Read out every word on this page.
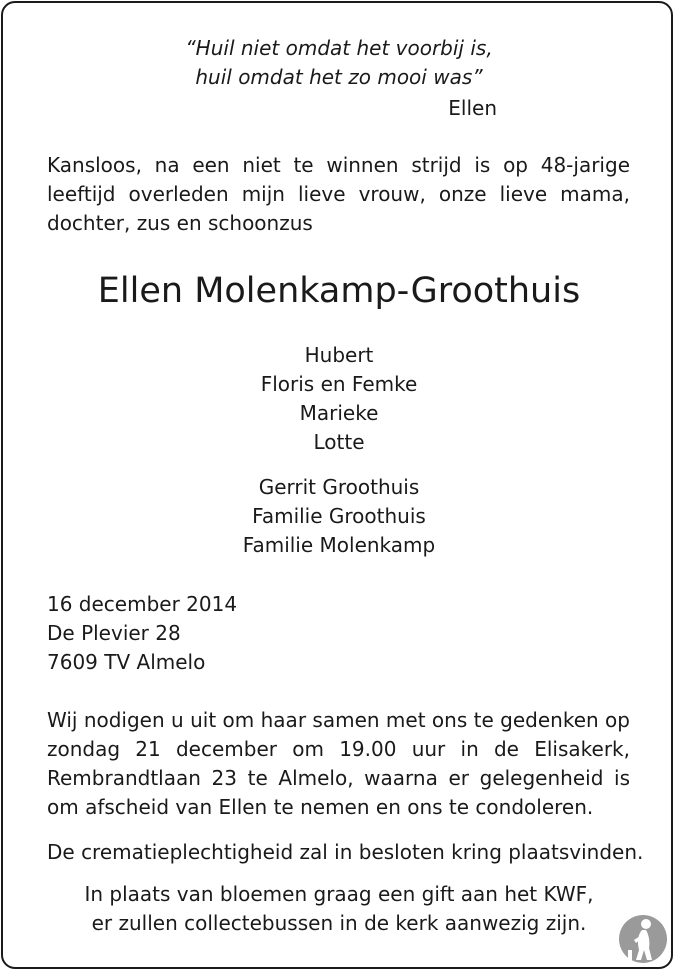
“Huil niet omdat het voorbij is,
huil omdat het zo mooi was”
Ellen
Kansloos, na een niet te winnen strijd is op 48-jarige
leeftijd overleden mijn lieve vrouw, onze lieve mama,
dochter, zus en schoonzus
Ellen Molenkamp-Groothuis
Hubert
Floris en Femke
Marieke
Lotte
Gerrit Groothuis
Familie Groothuis
Familie Molenkamp
16 december 2014
De Plevier 28
7609 TV Almelo
Wij nodigen u uit om haar samen met ons te gedenken op
zondag 21 december om 19.00 uur in de Elisakerk,
Rembrandtlaan 23 te Almelo, waarna er gelegenheid is
om afscheid van Ellen te nemen en ons te condoleren.
De crematieplechtigheid zal in besloten kring plaatsvinden.
In plaats van bloemen graag een gift aan het KWF,
er zullen collectebussen in de kerk aanwezig zijn.
